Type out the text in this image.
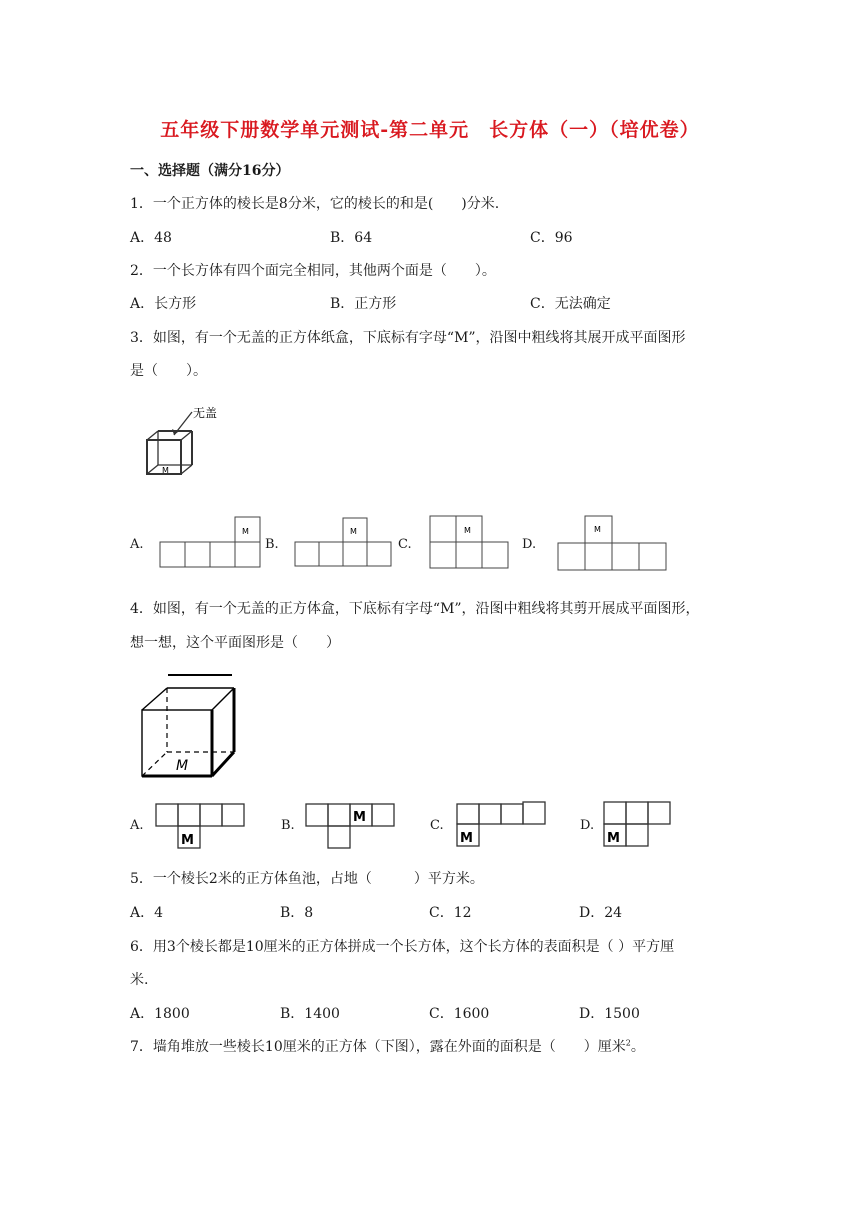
五年级下册数学单元测试-第二单元　长方体（一）（培优卷）
一、选择题（满分16分）
1．一个正方体的棱长是8分米，它的棱长的和是(　　)分米.
A．48	B．64	C．96
2．一个长方体有四个面完全相同，其他两个面是（　　）。
A．长方形	B．正方形	C．无法确定
3．如图，有一个无盖的正方体纸盒，下底标有字母“M”，沿图中粗线将其展开成平面图形
是（　　）。
无盖
M
A.	B.	C.	D.
M	M	M	M
4．如图，有一个无盖的正方体盒，下底标有字母“M”，沿图中粗线将其剪开展成平面图形，
想一想，这个平面图形是（　　）
M
A.	B.	C.	D.
M
M
M	M
5．一个棱长2米的正方体鱼池，占地（　　　）平方米。
A．4	B．8	C．12	D．24
6．用3个棱长都是10厘米的正方体拼成一个长方体，这个长方体的表面积是（ ）平方厘
米.
A．1800	B．1400	C．1600	D．1500
7．墙角堆放一些棱长10厘米的正方体（下图），露在外面的面积是（　　）厘米$^2$。
